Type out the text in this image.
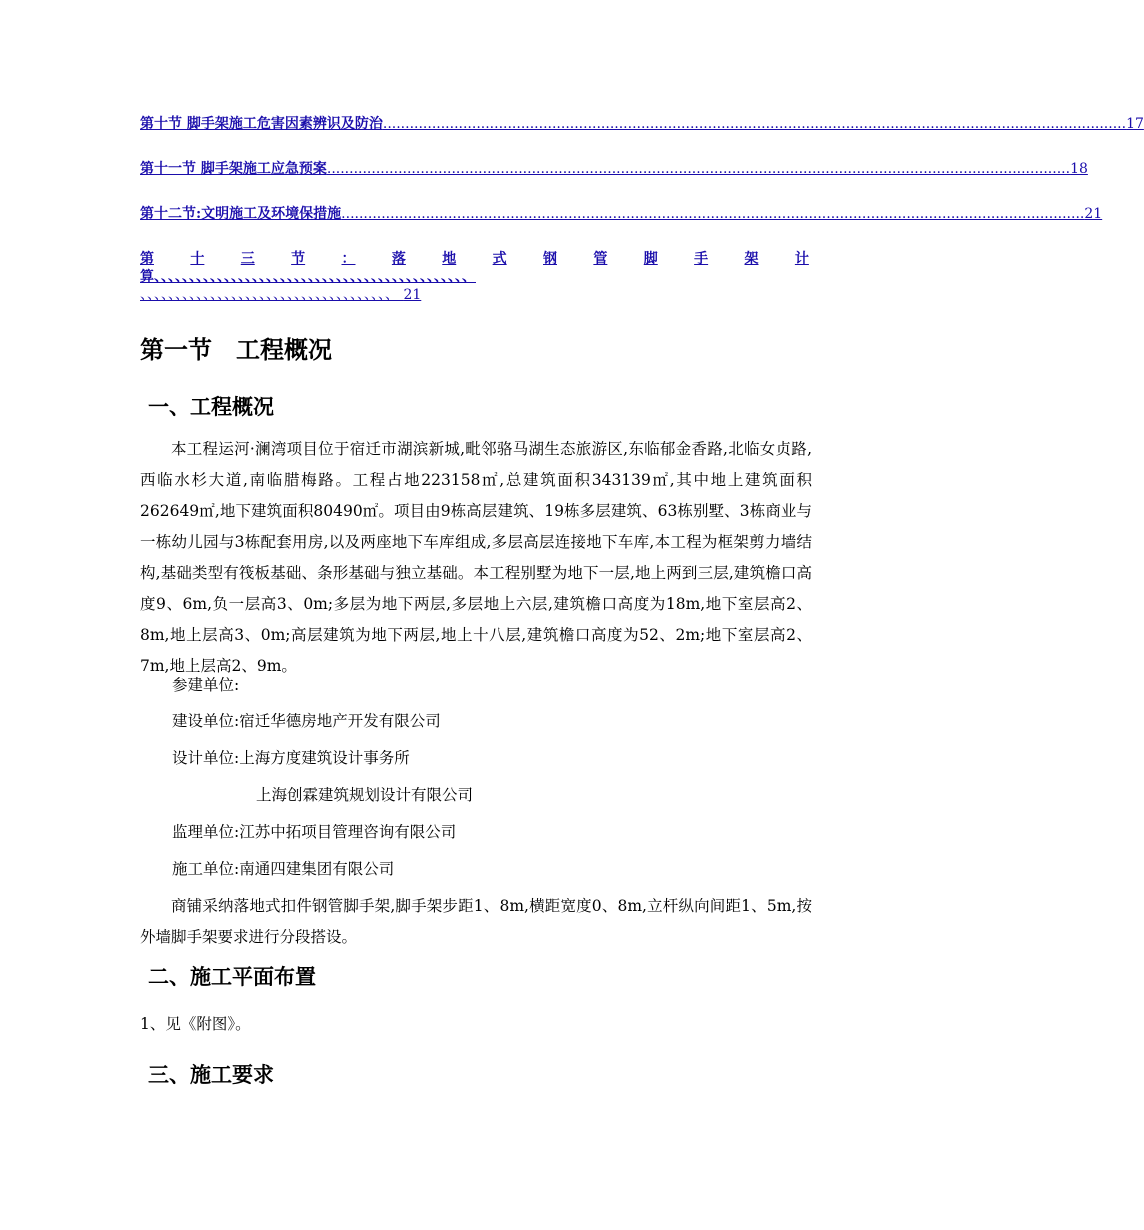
第十节 脚手架施工危害因素辨识及防治 ....................................................................................................................................................................... 17
第十一节 脚手架施工应急预案 ....................................................................................................................................................................... 18
第十二节:文明施工及环境保措施 ....................................................................................................................................................................... 21
第	十	三	节	：	落	地	式	钢	管	脚	手	架	计
算、、、、、、、、、、、、、、、、、、、、、、、、、、、、、、、、、、、、、、、、、、、、、
、、、、、、、、、、、、、、、、、、、、、、、、、、、、、、、、、、、、 21
第一节　工程概况
一、工程概况
本工程运河·澜湾项目位于宿迁市湖滨新城,毗邻骆马湖生态旅游区,东临郁金香路,北临女贞路,西临水杉大道,南临腊梅路。工程占地223158㎡,总建筑面积343139㎡,其中地上建筑面积262649㎡,地下建筑面积80490㎡。项目由9栋高层建筑、19栋多层建筑、63栋别墅、3栋商业与一栋幼儿园与3栋配套用房,以及两座地下车库组成,多层高层连接地下车库,本工程为框架剪力墙结构,基础类型有筏板基础、条形基础与独立基础。本工程别墅为地下一层,地上两到三层,建筑檐口高度9、6m,负一层高3、0m;多层为地下两层,多层地上六层,建筑檐口高度为18m,地下室层高2、8m,地上层高3、0m;高层建筑为地下两层,地上十八层,建筑檐口高度为52、2m;地下室层高2、7m,地上层高2、9m。
参建单位:
建设单位:宿迁华德房地产开发有限公司
设计单位:上海方度建筑设计事务所
上海创霖建筑规划设计有限公司
监理单位:江苏中拓项目管理咨询有限公司
施工单位:南通四建集团有限公司
商铺采纳落地式扣件钢管脚手架,脚手架步距1、8m,横距宽度0、8m,立杆纵向间距1、5m,按外墙脚手架要求进行分段搭设。
二、施工平面布置
1、见《附图》。
三、施工要求
